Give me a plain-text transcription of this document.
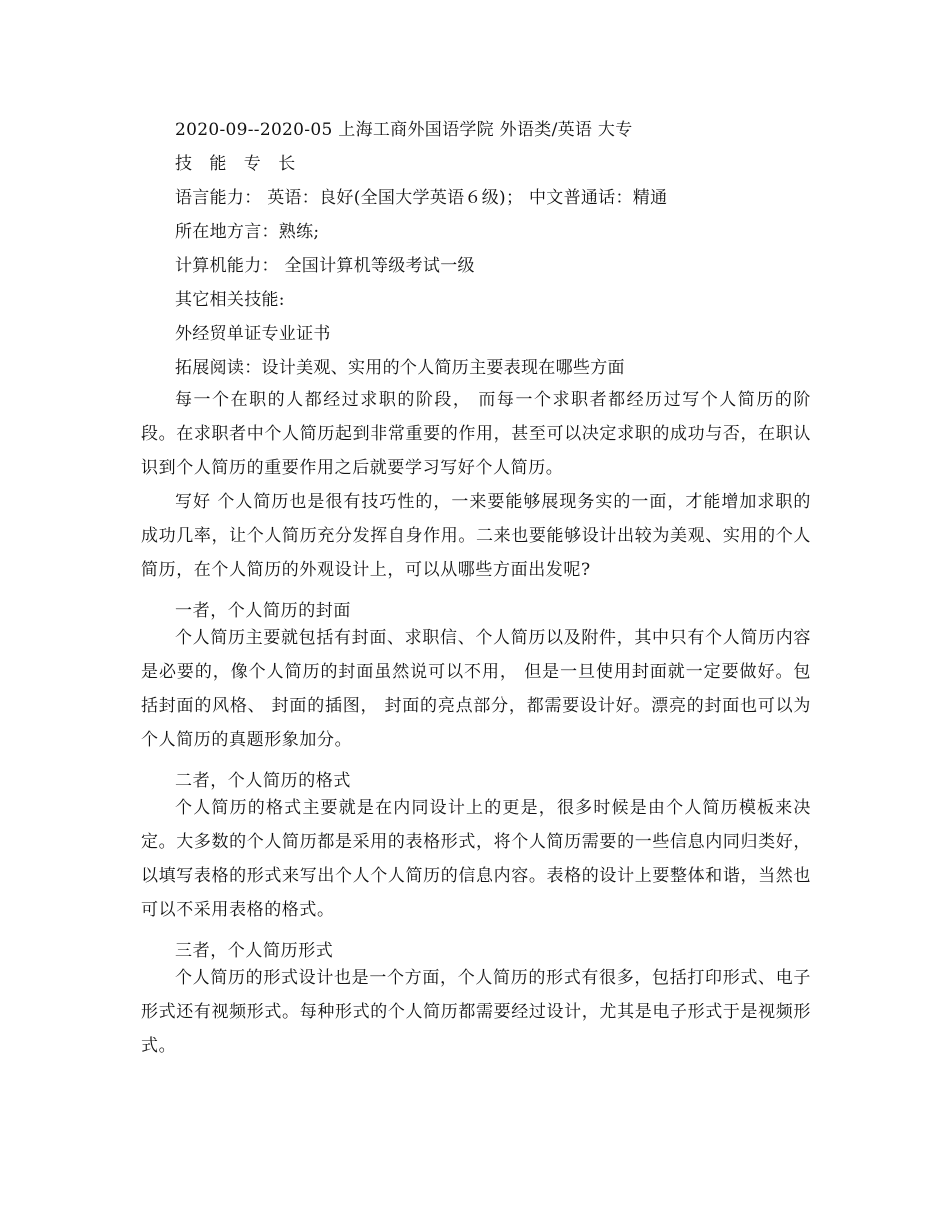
2020-09--2020-05 上海工商外国语学院 外语类/英语 大专
技 能 专 长
语言能力： 英语：良好(全国大学英语６级)； 中文普通话：精通
所在地方言：熟练;
计算机能力： 全国计算机等级考试一级
其它相关技能:
外经贸单证专业证书
拓展阅读：设计美观、实用的个人简历主要表现在哪些方面
每一个在职的人都经过求职的阶段， 而每一个求职者都经历过写个人简历的阶段。在求职者中个人简历起到非常重要的作用，甚至可以决定求职的成功与否，在职认识到个人简历的重要作用之后就要学习写好个人简历。
写好 个人简历也是很有技巧性的，一来要能够展现务实的一面，才能增加求职的成功几率，让个人简历充分发挥自身作用。二来也要能够设计出较为美观、实用的个人简历，在个人简历的外观设计上，可以从哪些方面出发呢?
一者，个人简历的封面
个人简历主要就包括有封面、求职信、个人简历以及附件，其中只有个人简历内容是必要的，像个人简历的封面虽然说可以不用， 但是一旦使用封面就一定要做好。包括封面的风格、 封面的插图， 封面的亮点部分，都需要设计好。漂亮的封面也可以为个人简历的真题形象加分。
二者，个人简历的格式
个人简历的格式主要就是在内同设计上的更是，很多时候是由个人简历模板来决定。大多数的个人简历都是采用的表格形式，将个人简历需要的一些信息内同归类好，以填写表格的形式来写出个人个人简历的信息内容。表格的设计上要整体和谐，当然也可以不采用表格的格式。
三者，个人简历形式
个人简历的形式设计也是一个方面，个人简历的形式有很多，包括打印形式、电子形式还有视频形式。每种形式的个人简历都需要经过设计，尤其是电子形式于是视频形式。
